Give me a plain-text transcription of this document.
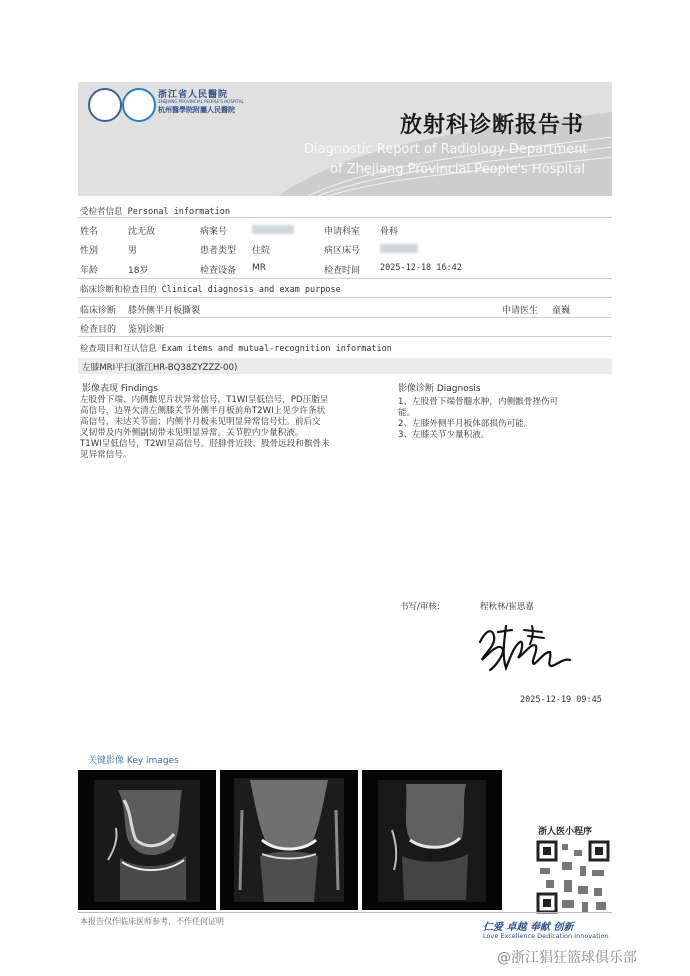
浙江省人民醫院
ZHEJIANG PROVINCIAL PEOPLE'S HOSPITAL
杭州醫學院附屬人民醫院
放射科诊断报告书
Diagnostic Report of Radiology Department
of Zhejiang Provincial People's Hospital
受检者信息 Personal information
姓名	沈无敌	病案号	申请科室 骨科
性别	男	患者类型 住院	病区床号
年龄	18岁	检查设备 MR	检查时间 2025-12-18 16:42
临床诊断和检查目的 Clinical diagnosis and exam purpose
临床诊断 膝外侧半月板撕裂	申请医生 童巍
检查目的 鉴别诊断
检查项目和互认信息 Exam items and mutual-recognition information
左膝MRI平扫(浙江HR-BQ38ZYZZZ-00)
影像表现 Findings
左股骨下端、内侧髌见片状异常信号，T1WI呈低信号，PD压脂呈
高信号，边界欠清左侧膝关节外侧半月板前角T2WI上见少许条状
高信号，未达关节面；内侧半月板未见明显异常信号灶。前后交
叉韧带及内外侧副韧带未见明显异常。关节腔内少量积液。
T1WI呈低信号，T2WI呈高信号。胫腓骨近段、股骨远段和髌骨未
见异常信号。
影像诊断 Diagnosis
1、左股骨下端骨髓水肿，内侧髌骨挫伤可
能。
2、左膝外侧半月板体部损伤可能。
3、左膝关节少量积液。
书写/审核:	程秋林/崔思嘉
2025-12-19 09:45
关键影像 Key images
浙人医小程序
仁爱 卓越 奉献 创新
Love Excellence Dedication Innovation
本报告仅作临床医师参考，不作任何证明
@浙江猖狂篮球俱乐部
